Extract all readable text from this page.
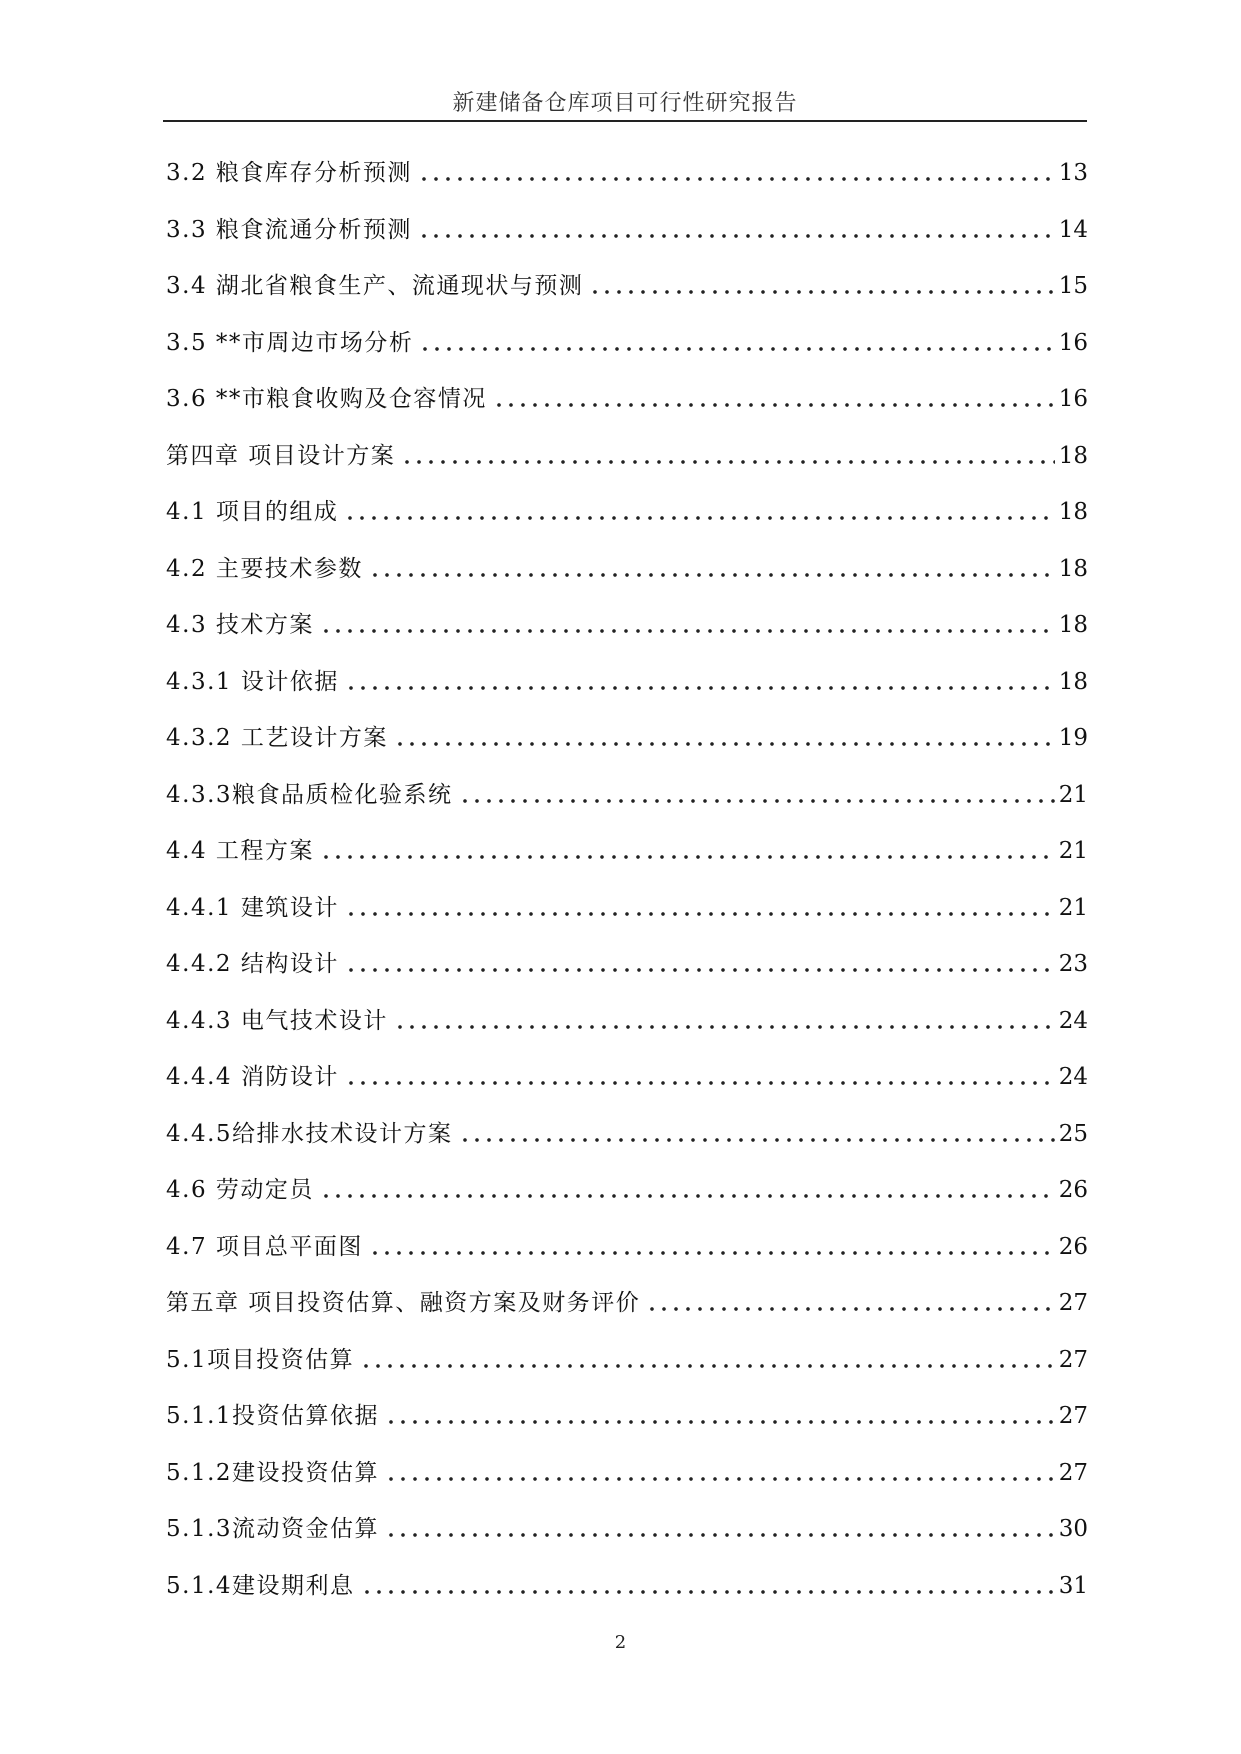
新建储备仓库项目可行性研究报告
3.2 粮食库存分析预测	13
3.3 粮食流通分析预测	14
3.4 湖北省粮食生产、流通现状与预测	15
3.5 **市周边市场分析	16
3.6 **市粮食收购及仓容情况	16
第四章 项目设计方案	18
4.1 项目的组成	18
4.2 主要技术参数	18
4.3 技术方案	18
4.3.1 设计依据	18
4.3.2 工艺设计方案	19
4.3.3粮食品质检化验系统	21
4.4 工程方案	21
4.4.1 建筑设计	21
4.4.2 结构设计	23
4.4.3 电气技术设计	24
4.4.4 消防设计	24
4.4.5给排水技术设计方案	25
4.6 劳动定员	26
4.7 项目总平面图	26
第五章 项目投资估算、融资方案及财务评价	27
5.1项目投资估算	27
5.1.1投资估算依据	27
5.1.2建设投资估算	27
5.1.3流动资金估算	30
5.1.4建设期利息	31
2
